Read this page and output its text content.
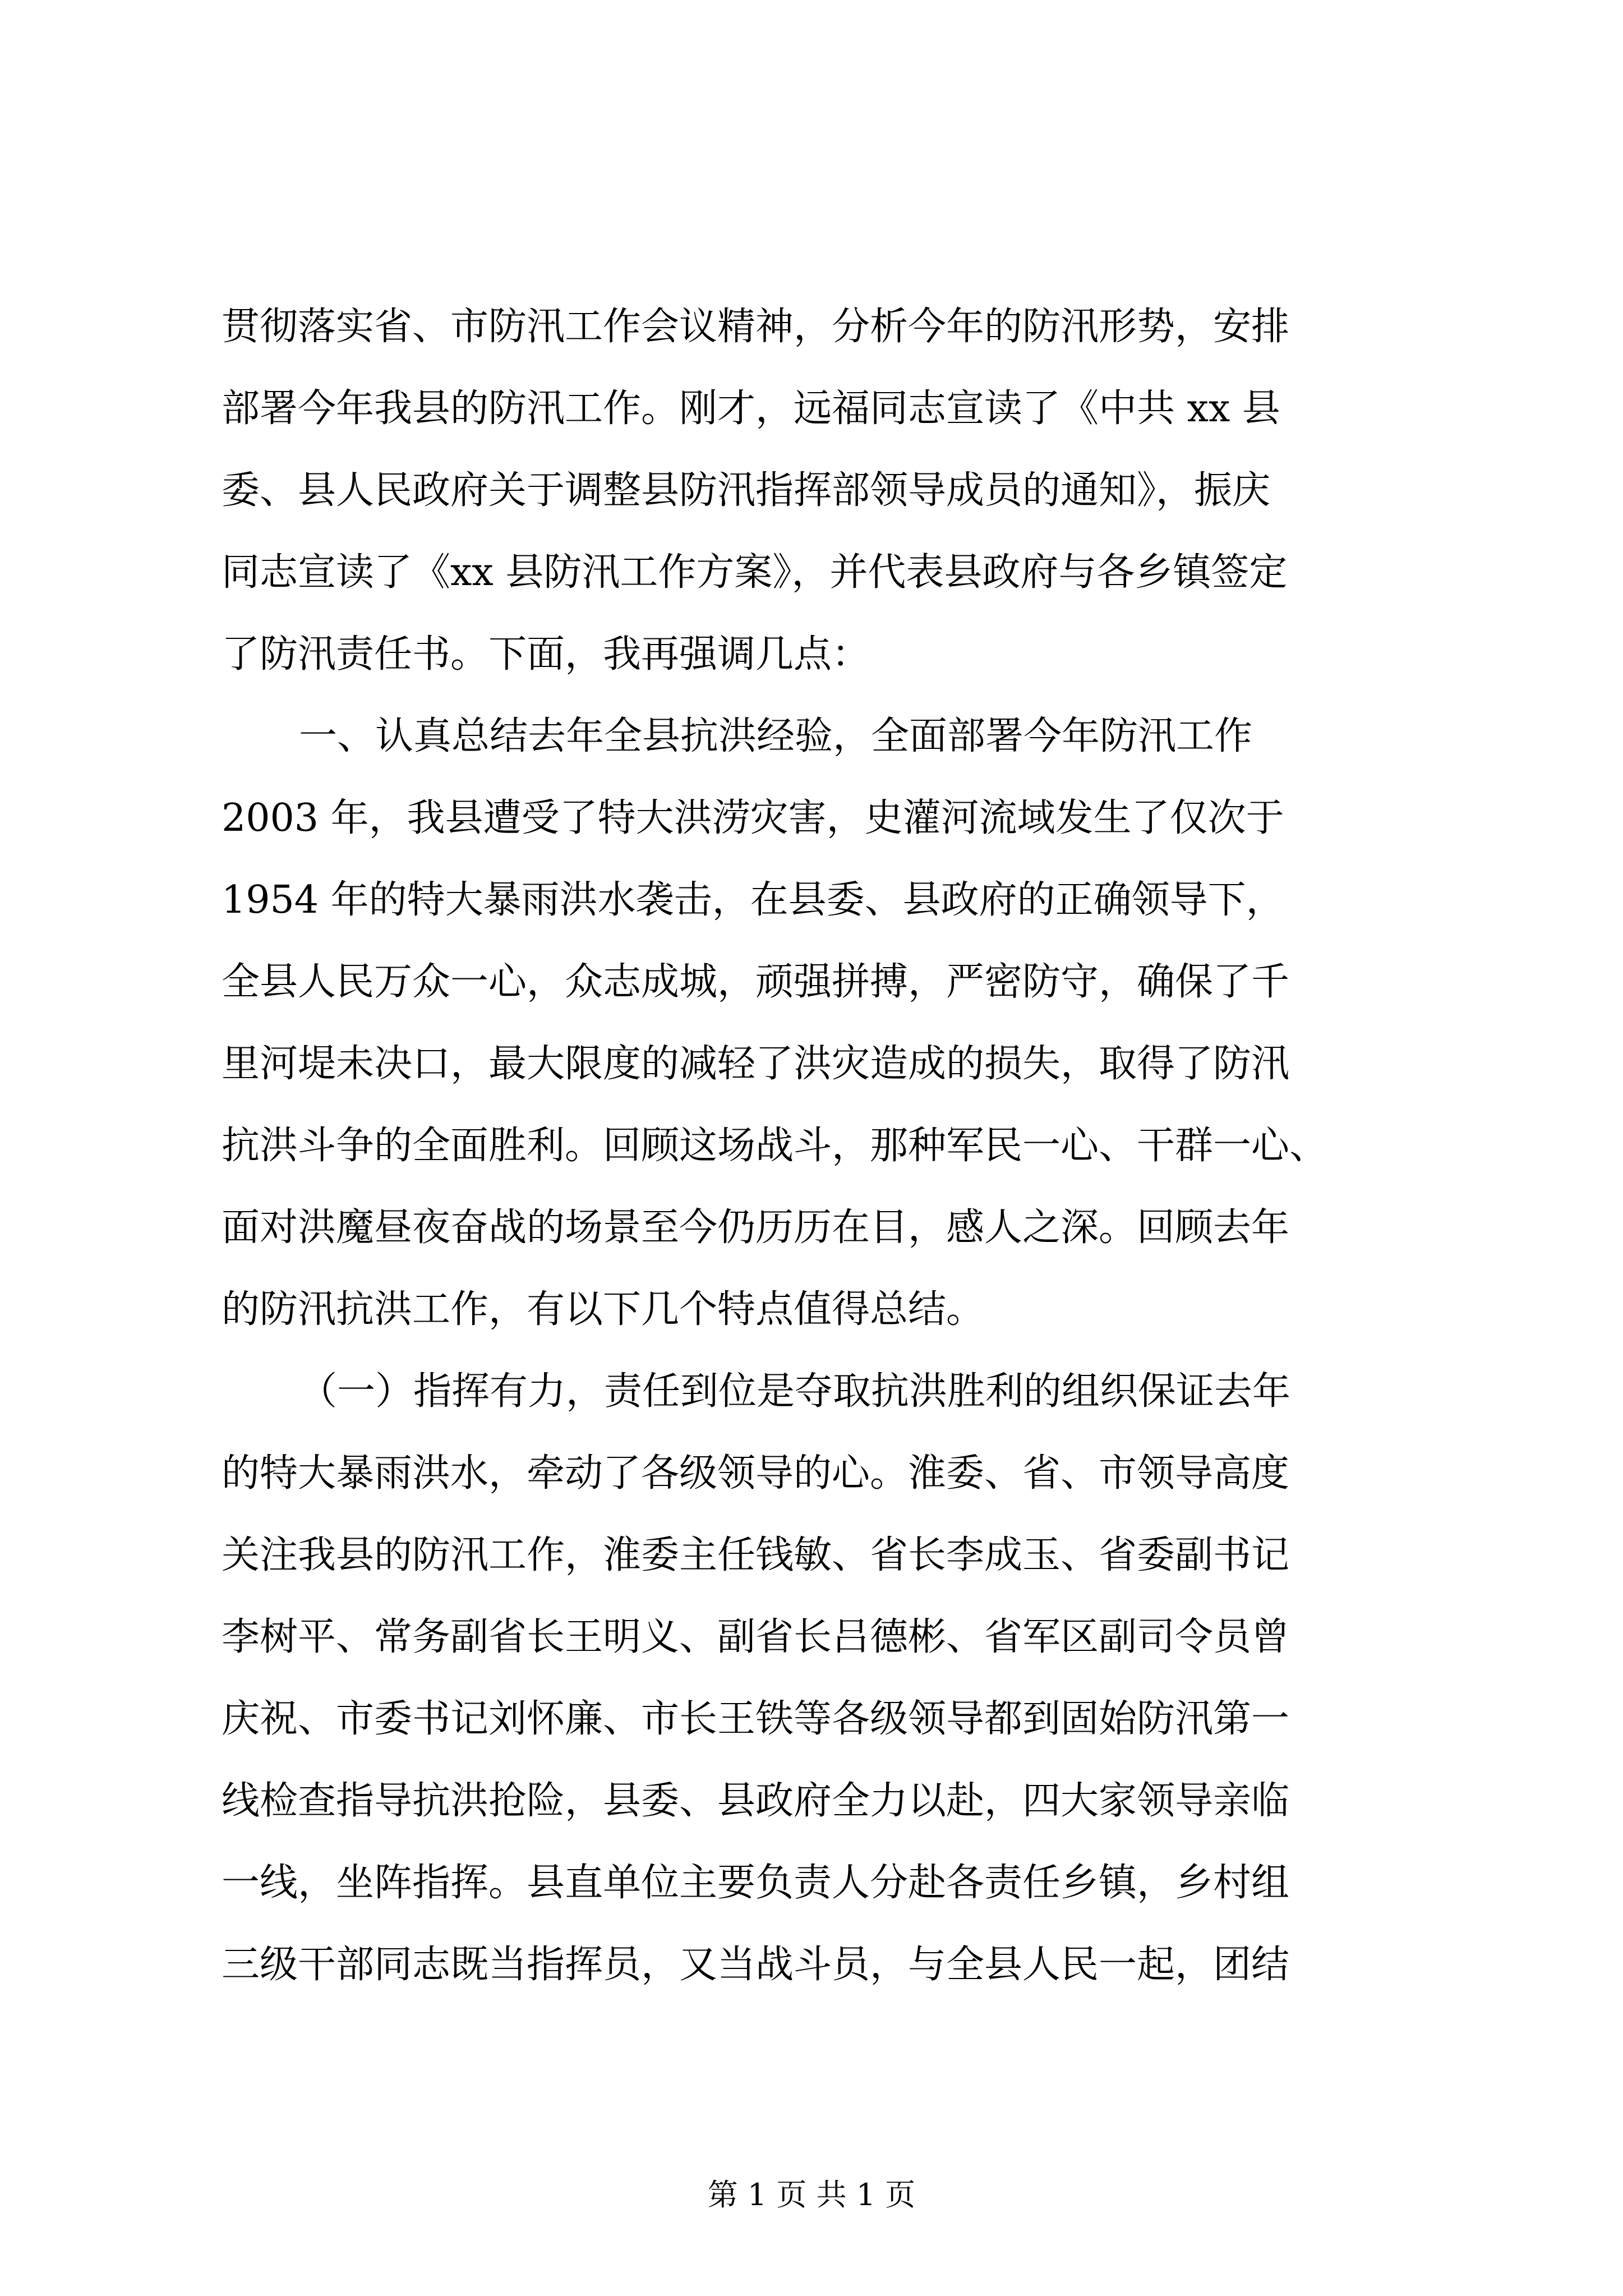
贯彻落实省、市防汛工作会议精神，分析今年的防汛形势，安排
部署今年我县的防汛工作。刚才，远福同志宣读了《中共 xx 县
委、县人民政府关于调整县防汛指挥部领导成员的通知》，振庆
同志宣读了《xx 县防汛工作方案》，并代表县政府与各乡镇签定
了防汛责任书。下面，我再强调几点：
一、认真总结去年全县抗洪经验，全面部署今年防汛工作
2003 年，我县遭受了特大洪涝灾害，史灌河流域发生了仅次于
1954 年的特大暴雨洪水袭击，在县委、县政府的正确领导下，
全县人民万众一心，众志成城，顽强拼搏，严密防守，确保了千
里河堤未决口，最大限度的减轻了洪灾造成的损失，取得了防汛
抗洪斗争的全面胜利。回顾这场战斗，那种军民一心、干群一心、
面对洪魔昼夜奋战的场景至今仍历历在目，感人之深。回顾去年
的防汛抗洪工作，有以下几个特点值得总结。
（一）指挥有力，责任到位是夺取抗洪胜利的组织保证去年
的特大暴雨洪水，牵动了各级领导的心。淮委、省、市领导高度
关注我县的防汛工作，淮委主任钱敏、省长李成玉、省委副书记
李树平、常务副省长王明义、副省长吕德彬、省军区副司令员曾
庆祝、市委书记刘怀廉、市长王铁等各级领导都到固始防汛第一
线检查指导抗洪抢险，县委、县政府全力以赴，四大家领导亲临
一线，坐阵指挥。县直单位主要负责人分赴各责任乡镇，乡村组
三级干部同志既当指挥员，又当战斗员，与全县人民一起，团结
第 1 页 共 1 页
